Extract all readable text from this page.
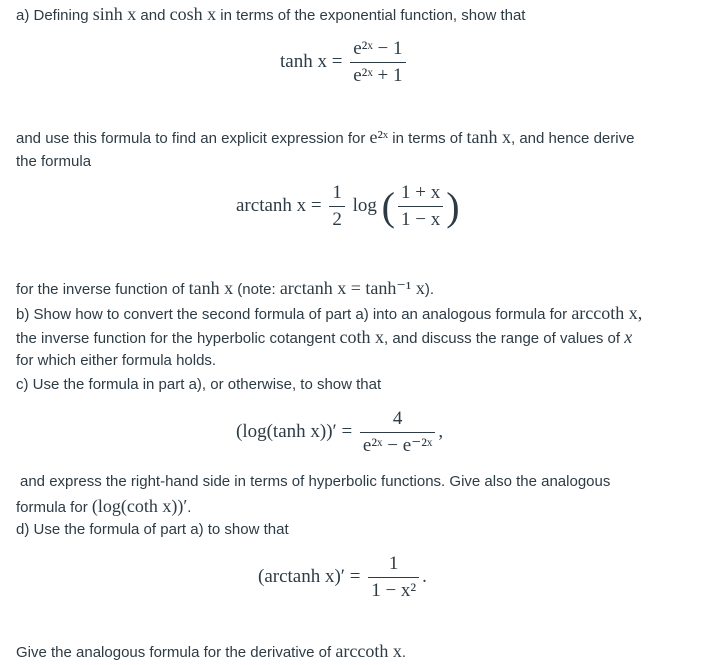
a) Defining sinh x and cosh x in terms of the exponential function, show that
$\tanh x = \frac{\text{e²ˣ − 1}}{\text{e²ˣ + 1}}$
and use this formula to find an explicit expression for e²ˣ in terms of tanh x, and hence derive
the formula
arctanh $x = \frac{1}{2}$ log ( $\frac{1 + x}{1 - x}$ )
for the inverse function of tanh x (note: arctanh x = tanh⁻¹ x).
b) Show how to convert the second formula of part a) into an analogous formula for arccoth x,
the inverse function for the hyperbolic cotangent coth x, and discuss the range of values of x
for which either formula holds.
c) Use the formula in part a), or otherwise, to show that
(log(tanh $x))' = \frac{4}{\text{e²ˣ − e⁻²ˣ}}$ ,
and express the right-hand side in terms of hyperbolic functions. Give also the analogous
formula for (log(coth x))′.
d) Use the formula of part a) to show that
(arctanh $x)' = \frac{1}{\text{1 − x²}}$ .
Give the analogous formula for the derivative of arccoth x.
